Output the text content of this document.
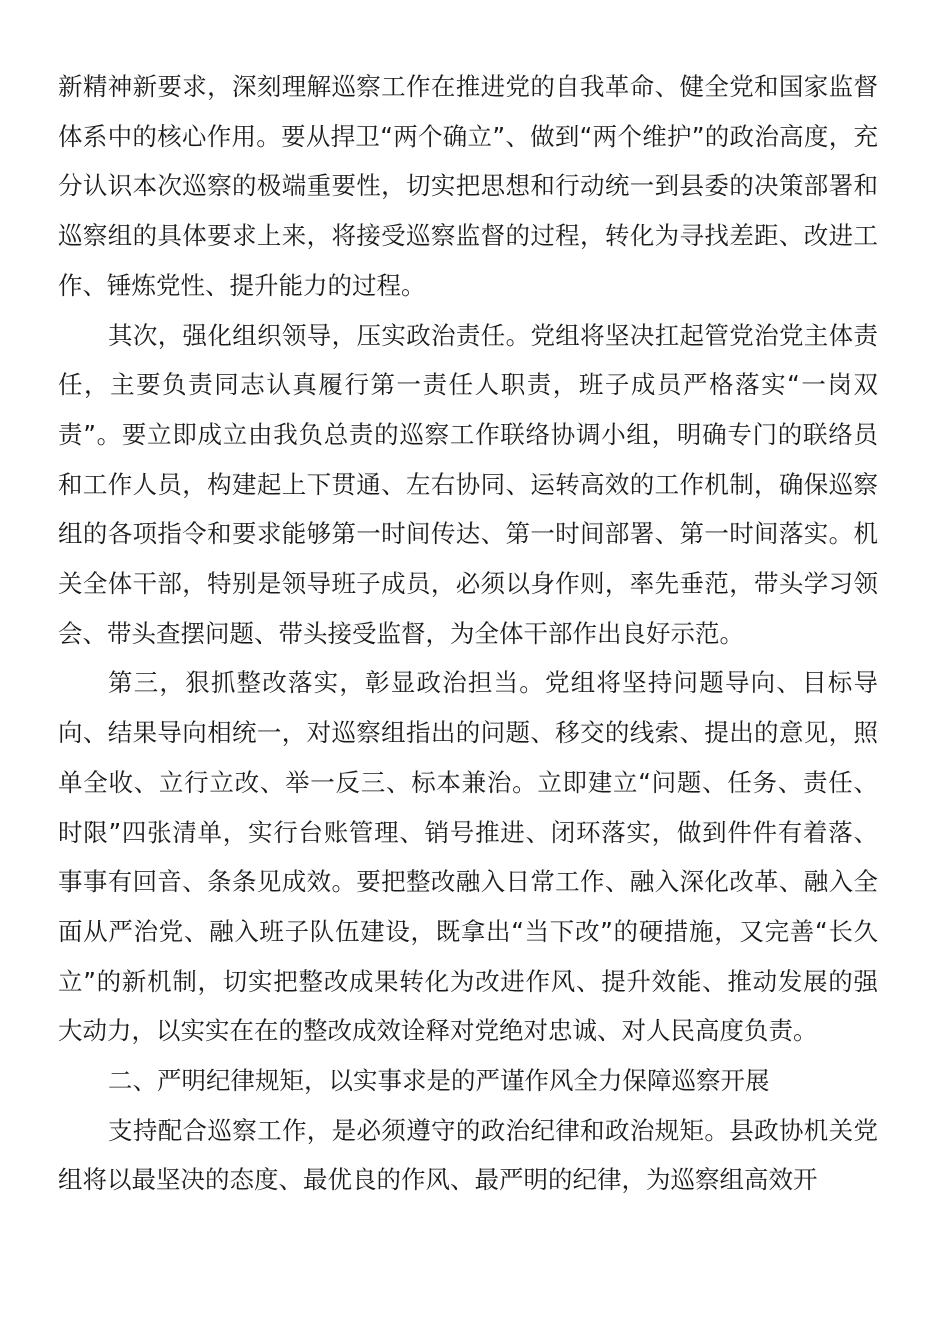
新精神新要求，深刻理解巡察工作在推进党的自我革命、健全党和国家监督体系中的核心作用。要从捍卫“两个确立”、做到“两个维护”的政治高度，充分认识本次巡察的极端重要性，切实把思想和行动统一到县委的决策部署和巡察组的具体要求上来，将接受巡察监督的过程，转化为寻找差距、改进工作、锤炼党性、提升能力的过程。

其次，强化组织领导，压实政治责任。党组将坚决扛起管党治党主体责任，主要负责同志认真履行第一责任人职责，班子成员严格落实“一岗双责”。要立即成立由我负总责的巡察工作联络协调小组，明确专门的联络员和工作人员，构建起上下贯通、左右协同、运转高效的工作机制，确保巡察组的各项指令和要求能够第一时间传达、第一时间部署、第一时间落实。机关全体干部，特别是领导班子成员，必须以身作则，率先垂范，带头学习领会、带头查摆问题、带头接受监督，为全体干部作出良好示范。

第三，狠抓整改落实，彰显政治担当。党组将坚持问题导向、目标导向、结果导向相统一，对巡察组指出的问题、移交的线索、提出的意见，照单全收、立行立改、举一反三、标本兼治。立即建立“问题、任务、责任、时限”四张清单，实行台账管理、销号推进、闭环落实，做到件件有着落、事事有回音、条条见成效。要把整改融入日常工作、融入深化改革、融入全面从严治党、融入班子队伍建设，既拿出“当下改”的硬措施，又完善“长久立”的新机制，切实把整改成果转化为改进作风、提升效能、推动发展的强大动力，以实实在在的整改成效诠释对党绝对忠诚、对人民高度负责。

二、严明纪律规矩，以实事求是的严谨作风全力保障巡察开展

支持配合巡察工作，是必须遵守的政治纪律和政治规矩。县政协机关党组将以最坚决的态度、最优良的作风、最严明的纪律，为巡察组高效开
